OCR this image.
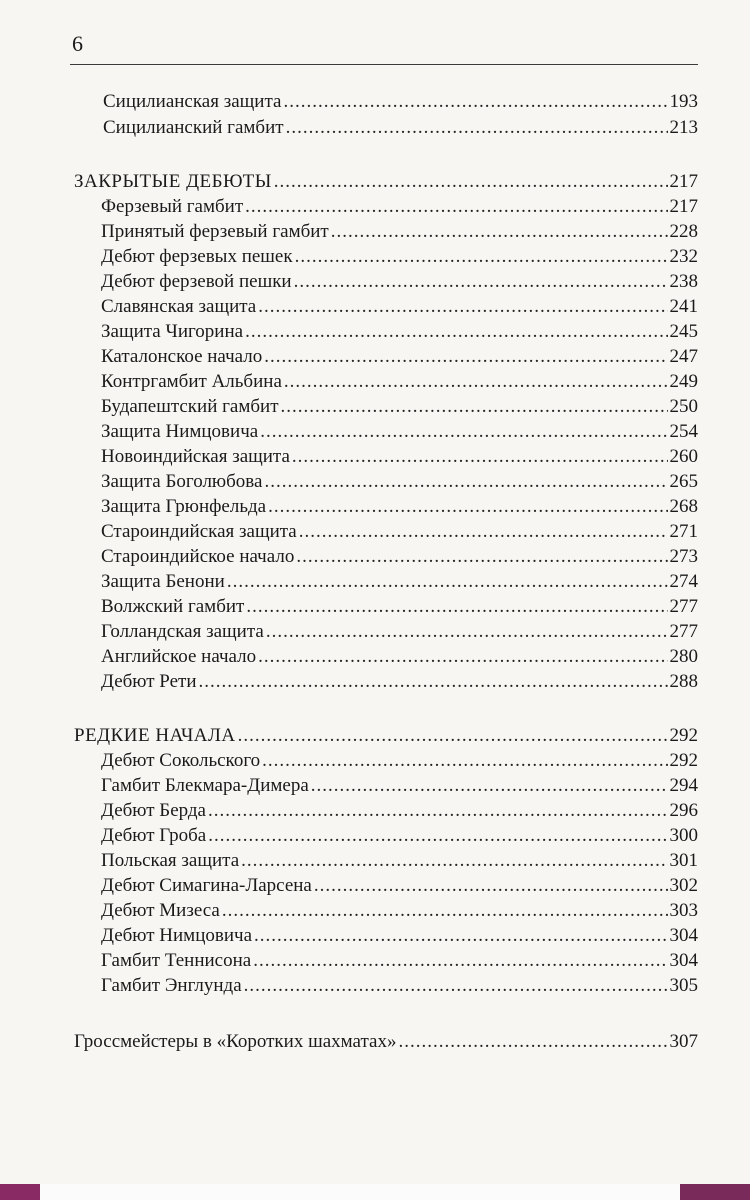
6
Сицилианская защита .....	193
Сицилианский гамбит .....	213
ЗАКРЫТЫЕ ДЕБЮТЫ .....	217
Ферзевый гамбит .....	217
Принятый ферзевый гамбит .....	228
Дебют ферзевых пешек .....	232
Дебют ферзевой пешки .....	238
Славянская защита .....	241
Защита Чигорина .....	245
Каталонское начало .....	247
Контргамбит Альбина .....	249
Будапештский гамбит .....	250
Защита Нимцовича .....	254
Новоиндийская защита .....	260
Защита Боголюбова .....	265
Защита Грюнфельда .....	268
Староиндийская защита .....	271
Староиндийское начало .....	273
Защита Бенони .....	274
Волжский гамбит .....	277
Голландская защита .....	277
Английское начало .....	280
Дебют Рети .....	288
РЕДКИЕ НАЧАЛА .....	292
Дебют Сокольского .....	292
Гамбит Блекмара-Димера .....	294
Дебют Берда .....	296
Дебют Гроба .....	300
Польская защита .....	301
Дебют Симагина-Ларсена .....	302
Дебют Мизеса .....	303
Дебют Нимцовича .....	304
Гамбит Теннисона .....	304
Гамбит Энглунда .....	305
Гроссмейстеры в «Коротких шахматах» .....	307
